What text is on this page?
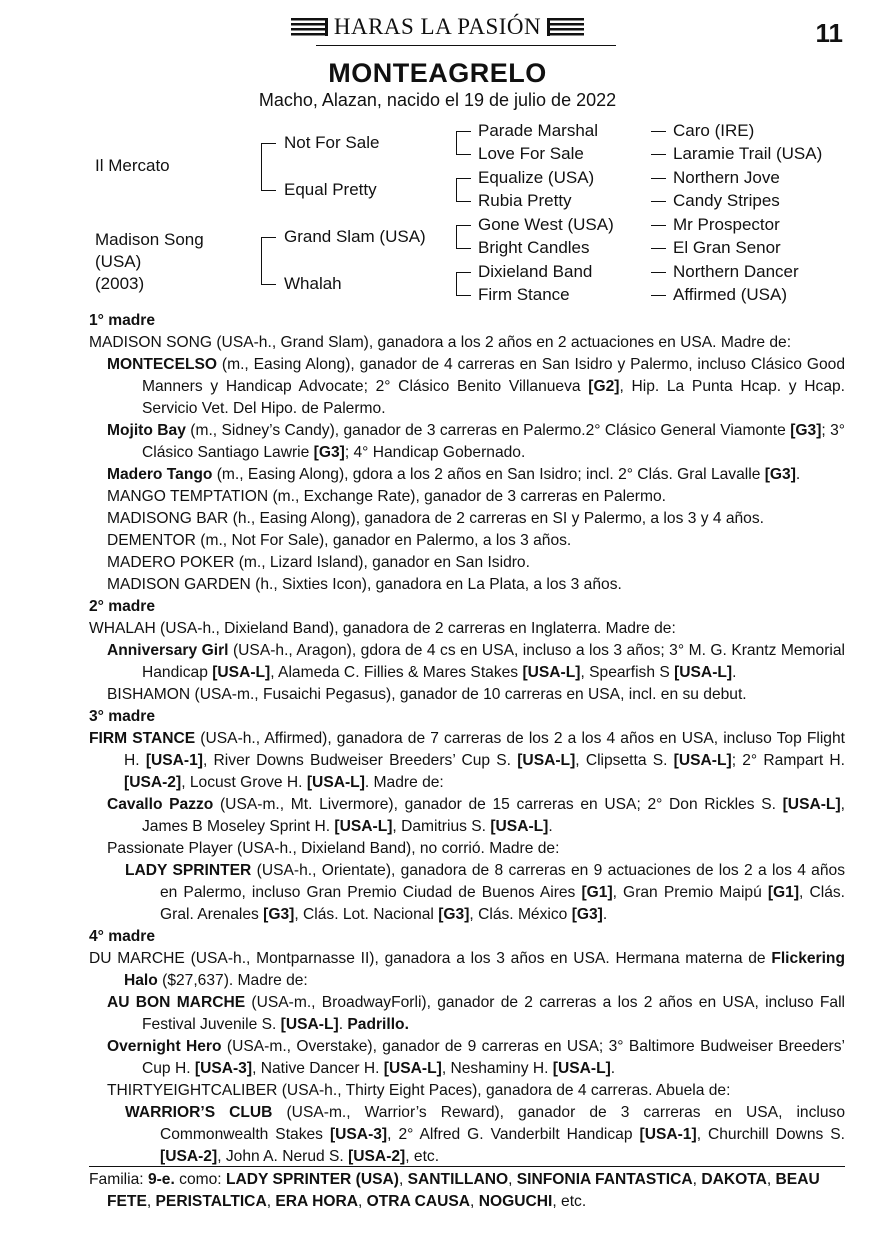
HARAS LA PASIÓN	11
MONTEAGRELO
Macho, Alazan, nacido el 19 de julio de 2022
Il Mercato
Madison Song
(USA)
(2003)
Not For Sale
Equal Pretty
Grand Slam (USA)
Whalah
Parade Marshal
Love For Sale
Equalize (USA)
Rubia Pretty
Gone West (USA)
Bright Candles
Dixieland Band
Firm Stance
Caro (IRE)
Laramie Trail (USA)
Northern Jove
Candy Stripes
Mr Prospector
El Gran Senor
Northern Dancer
Affirmed (USA)

1° madre

MADISON SONG (USA-h., Grand Slam), ganadora a los 2 años en 2 actuaciones en USA. Madre de:

MONTECELSO (m., Easing Along), ganador de 4 carreras en San Isidro y Palermo, incluso Clásico Good Manners y Handicap Advocate; 2° Clásico Benito Villanueva [G2], Hip. La Punta Hcap. y Hcap. Servicio Vet. Del Hipo. de Palermo.

Mojito Bay (m., Sidney’s Candy), ganador de 3 carreras en Palermo.2° Clásico General Viamonte [G3]; 3° Clásico Santiago Lawrie [G3]; 4° Handicap Gobernado.

Madero Tango (m., Easing Along), gdora a los 2 años en San Isidro; incl. 2° Clás. Gral Lavalle [G3].

MANGO TEMPTATION (m., Exchange Rate), ganador de 3 carreras en Palermo.

MADISONG BAR (h., Easing Along), ganadora de 2 carreras en SI y Palermo, a los 3 y 4 años.

DEMENTOR (m., Not For Sale), ganador en Palermo, a los 3 años.

MADERO POKER (m., Lizard Island), ganador en San Isidro.

MADISON GARDEN (h., Sixties Icon), ganadora en La Plata, a los 3 años.

2° madre

WHALAH (USA-h., Dixieland Band), ganadora de 2 carreras en Inglaterra. Madre de:

Anniversary Girl (USA-h., Aragon), gdora de 4 cs en USA, incluso a los 3 años; 3° M. G. Krantz Memorial Handicap [USA-L], Alameda C. Fillies & Mares Stakes [USA-L], Spearfish S [USA-L].

BISHAMON (USA-m., Fusaichi Pegasus), ganador de 10 carreras en USA, incl. en su debut.

3° madre

FIRM STANCE (USA-h., Affirmed), ganadora de 7 carreras de los 2 a los 4 años en USA, incluso Top Flight H. [USA-1], River Downs Budweiser Breeders’ Cup S. [USA-L], Clipsetta S. [USA-L]; 2° Rampart H. [USA-2], Locust Grove H. [USA-L]. Madre de:

Cavallo Pazzo (USA-m., Mt. Livermore), ganador de 15 carreras en USA; 2° Don Rickles S. [USA-L], James B Moseley Sprint H. [USA-L], Damitrius S. [USA-L].

Passionate Player (USA-h., Dixieland Band), no corrió. Madre de:

LADY SPRINTER (USA-h., Orientate), ganadora de 8 carreras en 9 actuaciones de los 2 a los 4 años en Palermo, incluso Gran Premio Ciudad de Buenos Aires [G1], Gran Premio Maipú [G1], Clás. Gral. Arenales [G3], Clás. Lot. Nacional [G3], Clás. México [G3].

4° madre

DU MARCHE (USA-h., Montparnasse II), ganadora a los 3 años en USA. Hermana materna de Flickering Halo ($27,637). Madre de:

AU BON MARCHE (USA-m., BroadwayForli), ganador de 2 carreras a los 2 años en USA, incluso Fall Festival Juvenile S. [USA-L]. Padrillo.

Overnight Hero (USA-m., Overstake), ganador de 9 carreras en USA; 3° Baltimore Budweiser Breeders’ Cup H. [USA-3], Native Dancer H. [USA-L], Neshaminy H. [USA-L].

THIRTYEIGHTCALIBER (USA-h., Thirty Eight Paces), ganadora de 4 carreras. Abuela de:

WARRIOR’S CLUB (USA-m., Warrior’s Reward), ganador de 3 carreras en USA, incluso Commonwealth Stakes [USA-3], 2° Alfred G. Vanderbilt Handicap [USA-1], Churchill Downs S. [USA-2], John A. Nerud S. [USA-2], etc.

Familia: 9-e. como: LADY SPRINTER (USA), SANTILLANO, SINFONIA FANTASTICA, DAKOTA, BEAU FETE, PERISTALTICA, ERA HORA, OTRA CAUSA, NOGUCHI, etc.
